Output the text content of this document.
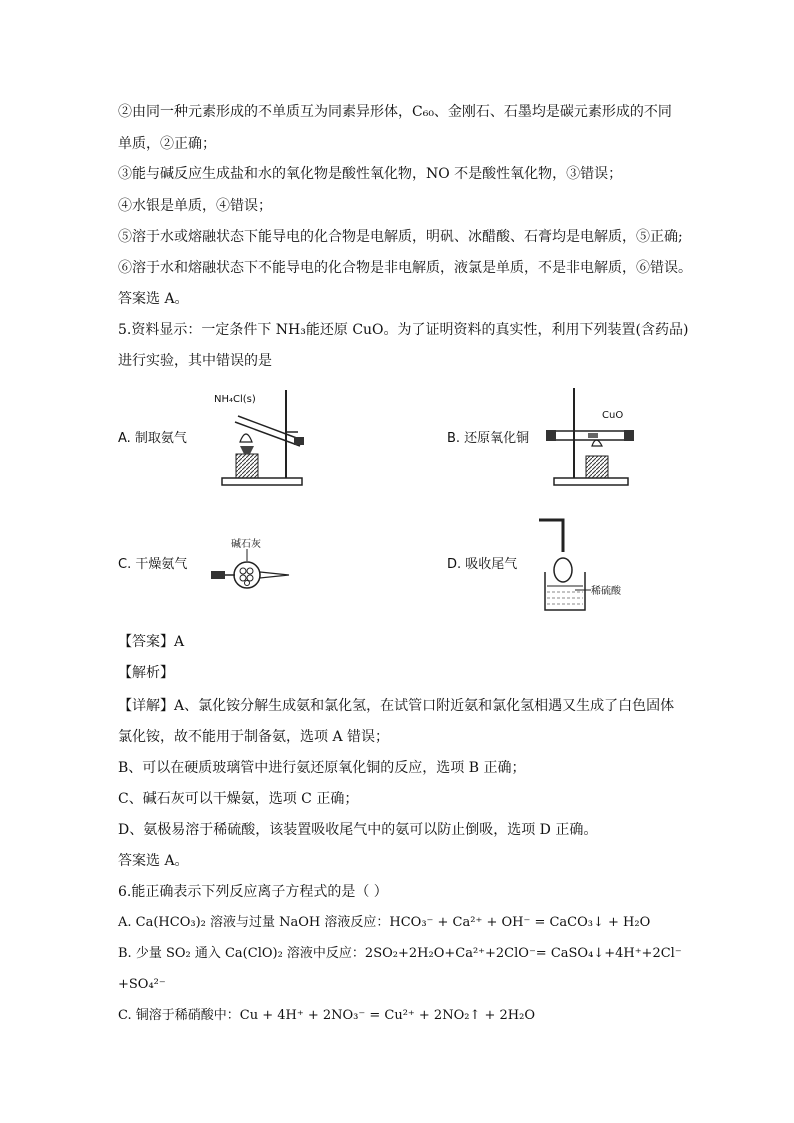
②由同一种元素形成的不单质互为同素异形体，C₆₀、金刚石、石墨均是碳元素形成的不同
单质，②正确；
③能与碱反应生成盐和水的氧化物是酸性氧化物，NO 不是酸性氧化物，③错误；
④水银是单质，④错误；
⑤溶于水或熔融状态下能导电的化合物是电解质，明矾、冰醋酸、石膏均是电解质，⑤正确;
⑥溶于水和熔融状态下不能导电的化合物是非电解质，液氯是单质，不是非电解质，⑥错误。
答案选 A。
5.资料显示：一定条件下 NH₃能还原 CuO。为了证明资料的真实性，利用下列装置(含药品)
进行实验，其中错误的是
A. 制取氨气	B. 还原氧化铜
C. 干燥氨气	D. 吸收尾气
NH₄Cl(s)
CuO
碱石灰
稀硫酸
【答案】A
【解析】
【详解】A、氯化铵分解生成氨和氯化氢，在试管口附近氨和氯化氢相遇又生成了白色固体
氯化铵，故不能用于制备氨，选项 A 错误；
B、可以在硬质玻璃管中进行氨还原氧化铜的反应，选项 B 正确；
C、碱石灰可以干燥氨，选项 C 正确；
D、氨极易溶于稀硫酸，该装置吸收尾气中的氨可以防止倒吸，选项 D 正确。
答案选 A。
6.能正确表示下列反应离子方程式的是（ ）
A. Ca(HCO₃)₂ 溶液与过量 NaOH 溶液反应：HCO₃⁻ + Ca²⁺ + OH⁻ = CaCO₃↓ + H₂O
B. 少量 SO₂ 通入 Ca(ClO)₂ 溶液中反应：2SO₂+2H₂O+Ca²⁺+2ClO⁻= CaSO₄↓+4H⁺+2Cl⁻
+SO₄²⁻
C. 铜溶于稀硝酸中：Cu + 4H⁺ + 2NO₃⁻ = Cu²⁺ + 2NO₂↑ + 2H₂O
